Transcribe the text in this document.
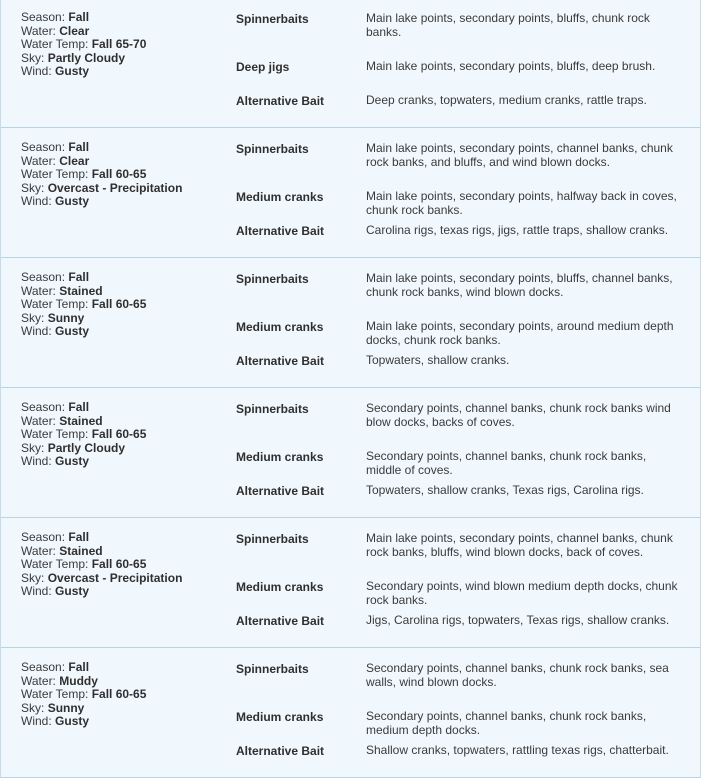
Season: Fall
Water: Clear
Water Temp: Fall 65-70
Sky: Partly Cloudy
Wind: Gusty
Spinnerbaits	Main lake points, secondary points, bluffs, chunk rock banks.
Deep jigs	Main lake points, secondary points, bluffs, deep brush.
Alternative Bait	Deep cranks, topwaters, medium cranks, rattle traps.
Season: Fall
Water: Clear
Water Temp: Fall 60-65
Sky: Overcast - Precipitation
Wind: Gusty
Spinnerbaits	Main lake points, secondary points, channel banks, chunk rock banks, and bluffs, and wind blown docks.
Medium cranks	Main lake points, secondary points, halfway back in coves, chunk rock banks.
Alternative Bait	Carolina rigs, texas rigs, jigs, rattle traps, shallow cranks.
Season: Fall
Water: Stained
Water Temp: Fall 60-65
Sky: Sunny
Wind: Gusty
Spinnerbaits	Main lake points, secondary points, bluffs, channel banks, chunk rock banks, wind blown docks.
Medium cranks	Main lake points, secondary points, around medium depth docks, chunk rock banks.
Alternative Bait	Topwaters, shallow cranks.
Season: Fall
Water: Stained
Water Temp: Fall 60-65
Sky: Partly Cloudy
Wind: Gusty
Spinnerbaits	Secondary points, channel banks, chunk rock banks wind blow docks, backs of coves.
Medium cranks	Secondary points, channel banks, chunk rock banks, middle of coves.
Alternative Bait	Topwaters, shallow cranks, Texas rigs, Carolina rigs.
Season: Fall
Water: Stained
Water Temp: Fall 60-65
Sky: Overcast - Precipitation
Wind: Gusty
Spinnerbaits	Main lake points, secondary points, channel banks, chunk rock banks, bluffs, wind blown docks, back of coves.
Medium cranks	Secondary points, wind blown medium depth docks, chunk rock banks.
Alternative Bait	Jigs, Carolina rigs, topwaters, Texas rigs, shallow cranks.
Season: Fall
Water: Muddy
Water Temp: Fall 60-65
Sky: Sunny
Wind: Gusty
Spinnerbaits	Secondary points, channel banks, chunk rock banks, sea walls, wind blown docks.
Medium cranks	Secondary points, channel banks, chunk rock banks, medium depth docks.
Alternative Bait	Shallow cranks, topwaters, rattling texas rigs, chatterbait.
